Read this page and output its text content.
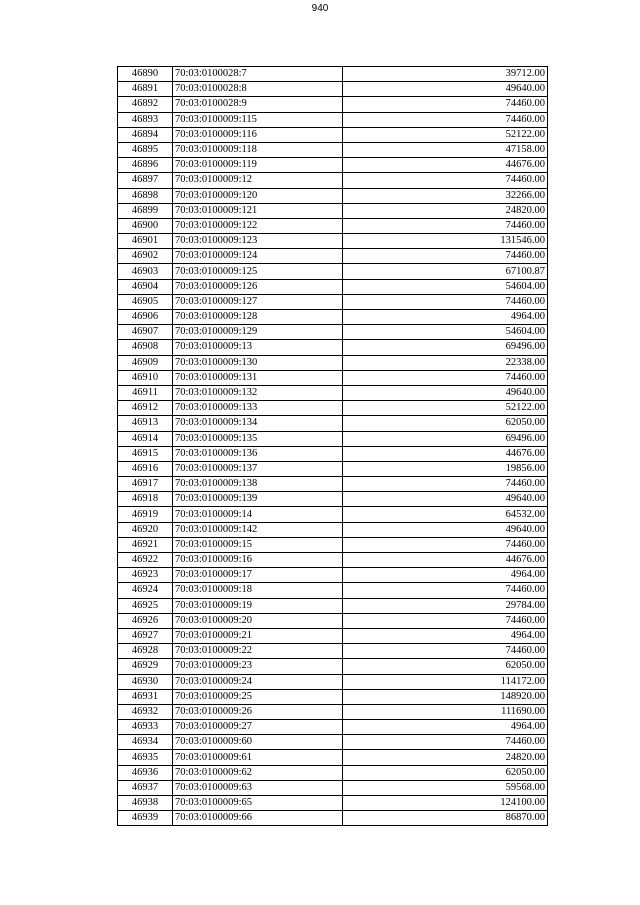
940
46890	70:03:0100028:7	39712.00
46891	70:03:0100028:8	49640.00
46892	70:03:0100028:9	74460.00
46893	70:03:0100009:115	74460.00
46894	70:03:0100009:116	52122.00
46895	70:03:0100009:118	47158.00
46896	70:03:0100009:119	44676.00
46897	70:03:0100009:12	74460.00
46898	70:03:0100009:120	32266.00
46899	70:03:0100009:121	24820.00
46900	70:03:0100009:122	74460.00
46901	70:03:0100009:123	131546.00
46902	70:03:0100009:124	74460.00
46903	70:03:0100009:125	67100.87
46904	70:03:0100009:126	54604.00
46905	70:03:0100009:127	74460.00
46906	70:03:0100009:128	4964.00
46907	70:03:0100009:129	54604.00
46908	70:03:0100009:13	69496.00
46909	70:03:0100009:130	22338.00
46910	70:03:0100009:131	74460.00
46911	70:03:0100009:132	49640.00
46912	70:03:0100009:133	52122.00
46913	70:03:0100009:134	62050.00
46914	70:03:0100009:135	69496.00
46915	70:03:0100009:136	44676.00
46916	70:03:0100009:137	19856.00
46917	70:03:0100009:138	74460.00
46918	70:03:0100009:139	49640.00
46919	70:03:0100009:14	64532.00
46920	70:03:0100009:142	49640.00
46921	70:03:0100009:15	74460.00
46922	70:03:0100009:16	44676.00
46923	70:03:0100009:17	4964.00
46924	70:03:0100009:18	74460.00
46925	70:03:0100009:19	29784.00
46926	70:03:0100009:20	74460.00
46927	70:03:0100009:21	4964.00
46928	70:03:0100009:22	74460.00
46929	70:03:0100009:23	62050.00
46930	70:03:0100009:24	114172.00
46931	70:03:0100009:25	148920.00
46932	70:03:0100009:26	111690.00
46933	70:03:0100009:27	4964.00
46934	70:03:0100009:60	74460.00
46935	70:03:0100009:61	24820.00
46936	70:03:0100009:62	62050.00
46937	70:03:0100009:63	59568.00
46938	70:03:0100009:65	124100.00
46939	70:03:0100009:66	86870.00
